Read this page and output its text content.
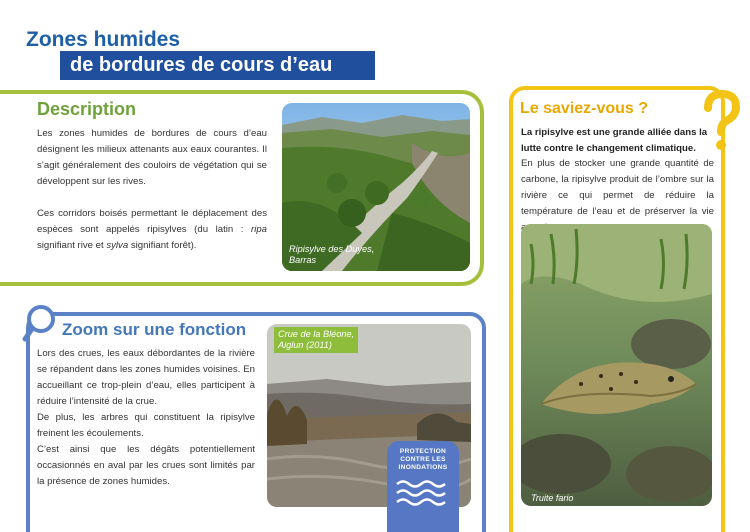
Zones humides
de bordures de cours d’eau
Description

Les zones humides de bordures de cours d’eau désignent les milieux attenants aux eaux courantes. Il s’agit généralement des couloirs de végétation qui se développent sur les rives.

Ces corridors boisés permettant le déplacement des espèces sont appelés ripisylves (du latin : ripa signifiant rive et sylva signifiant forêt).	Ripisylve des Duyes,
Barras
Zoom sur une fonction

Lors des crues, les eaux débordantes de la rivière se répandent dans les zones humides voisines. En accueillant ce trop-plein d’eau, elles participent à réduire l’intensité de la crue.

De plus, les arbres qui constituent la ripisylve freinent les écoulements.

C’est ainsi que les dégâts potentiellement occasionnés en aval par les crues sont limités par la présence de zones humides.

Crue de la Bléone,
Aiglun (2011)
PROTECTION
CONTRE LES
INONDATIONS
Le saviez-vous ?
La ripisylve est une grande alliée dans la lutte contre le changement climatique.
En plus de stocker une grande quantité de carbone, la ripisylve produit de l’ombre sur la rivière ce qui permet de réduire la température de l’eau et de préserver la vie
Truite fario
